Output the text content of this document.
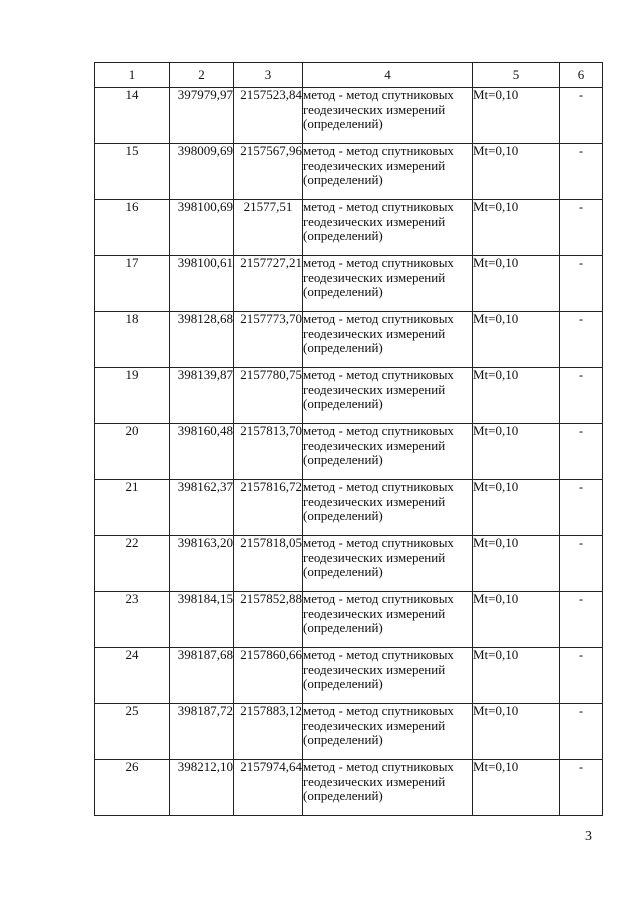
1	2	3	4	5	6
14	397979,97	2157523,84	метод - метод спутниковых
геодезических измерений
(определений)	Mt=0,10	-
15	398009,69	2157567,96	метод - метод спутниковых
геодезических измерений
(определений)	Mt=0,10	-
16	398100,69	21577,51	метод - метод спутниковых
геодезических измерений
(определений)	Mt=0,10	-
17	398100,61	2157727,21	метод - метод спутниковых
геодезических измерений
(определений)	Mt=0,10	-
18	398128,68	2157773,70	метод - метод спутниковых
геодезических измерений
(определений)	Mt=0,10	-
19	398139,87	2157780,75	метод - метод спутниковых
геодезических измерений
(определений)	Mt=0,10	-
20	398160,48	2157813,70	метод - метод спутниковых
геодезических измерений
(определений)	Mt=0,10	-
21	398162,37	2157816,72	метод - метод спутниковых
геодезических измерений
(определений)	Mt=0,10	-
22	398163,20	2157818,05	метод - метод спутниковых
геодезических измерений
(определений)	Mt=0,10	-
23	398184,15	2157852,88	метод - метод спутниковых
геодезических измерений
(определений)	Mt=0,10	-
24	398187,68	2157860,66	метод - метод спутниковых
геодезических измерений
(определений)	Mt=0,10	-
25	398187,72	2157883,12	метод - метод спутниковых
геодезических измерений
(определений)	Mt=0,10	-
26	398212,10	2157974,64	метод - метод спутниковых
геодезических измерений
(определений)	Mt=0,10	-
3
